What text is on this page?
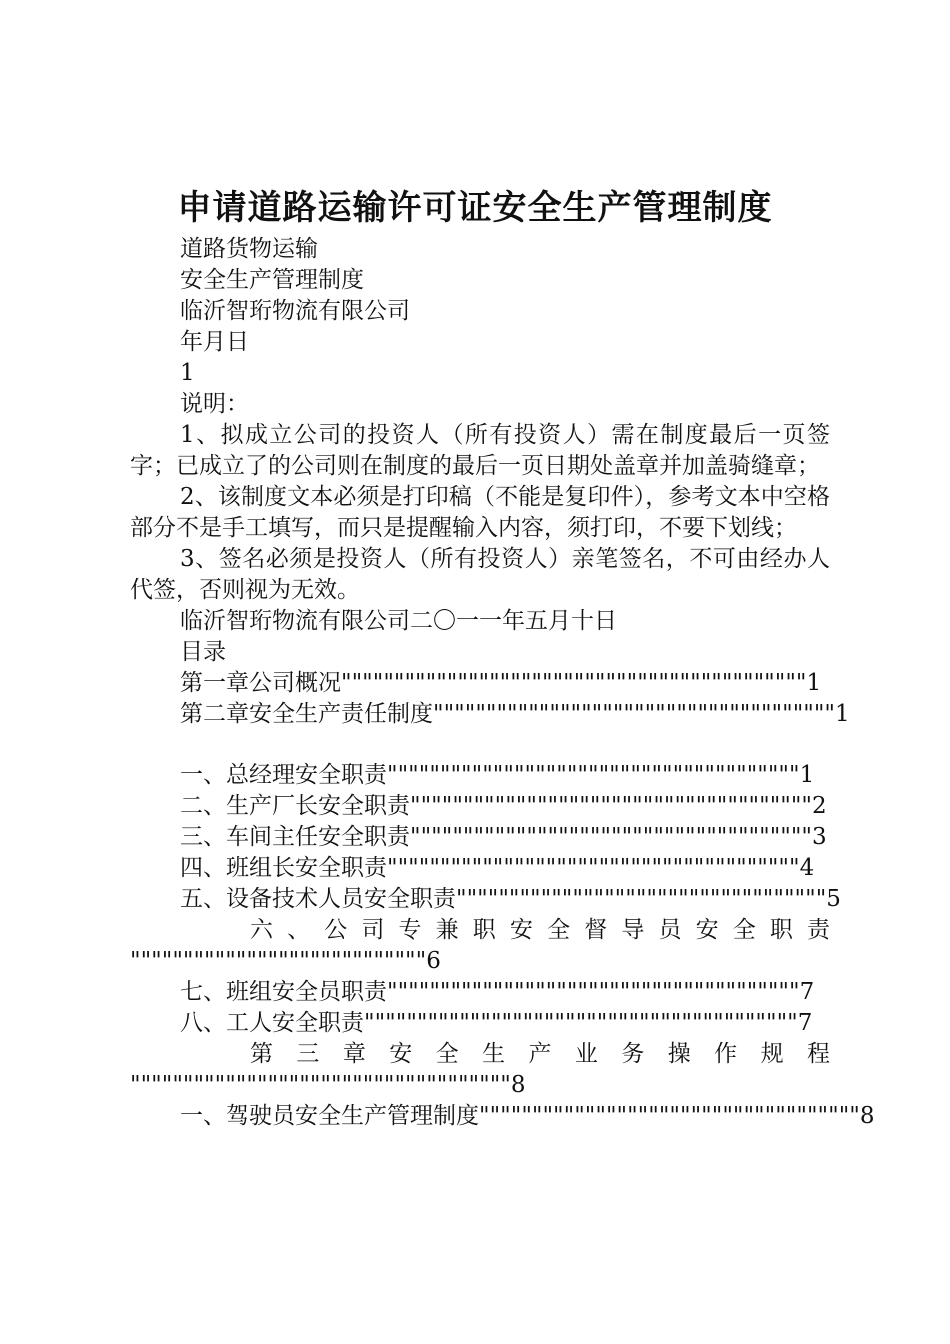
申请道路运输许可证安全生产管理制度
道路货物运输
安全生产管理制度
临沂智珩物流有限公司
年月日
1
说明：
1、拟成立公司的投资人（所有投资人）需在制度最后一页签字；已成立了的公司则在制度的最后一页日期处盖章并加盖骑缝章；
2、该制度文本必须是打印稿（不能是复印件），参考文本中空格部分不是手工填写，而只是提醒输入内容，须打印，不要下划线；
3、签名必须是投资人（所有投资人）亲笔签名，不可由经办人代签，否则视为无效。
临沂智珩物流有限公司二〇一一年五月十日
目录
第一章公司概况 """""""""""""""""""""""""""""""""""""""""""" 1
第二章安全生产责任制度 """""""""""""""""""""""""""""""""""""" 1
一、总经理安全职责 """"""""""""""""""""""""""""""""""""""" 1
二、生产厂长安全职责 """""""""""""""""""""""""""""""""""""" 2
三、车间主任安全职责 """""""""""""""""""""""""""""""""""""" 3
四、班组长安全职责 """"""""""""""""""""""""""""""""""""""" 4
五、设备技术人员安全职责 """"""""""""""""""""""""""""""""""" 5
六、公司专兼职安全督导员安全职责
""""""""""""""""""""""""""""6
七、班组安全员职责 """"""""""""""""""""""""""""""""""""""" 7
八、工人安全职责 """"""""""""""""""""""""""""""""""""""""" 7
第三章安全生产业务操作规程
""""""""""""""""""""""""""""""""""""8
一、驾驶员安全生产管理制度 """""""""""""""""""""""""""""""""""" 8
